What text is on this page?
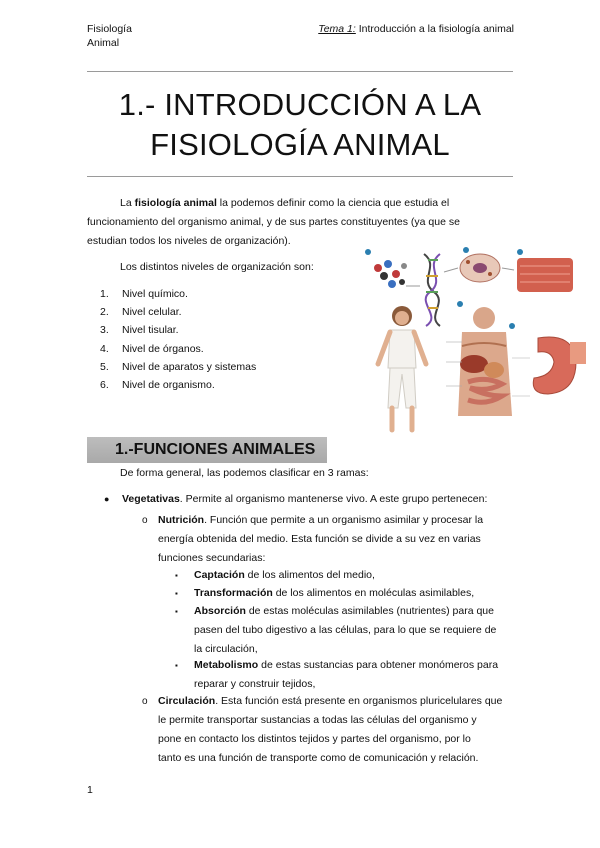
Fisiología
Animal
Tema 1: Introducción a la fisiología animal
1.- INTRODUCCIÓN A LA
FISIOLOGÍA ANIMAL
La fisiología animal la podemos definir como la ciencia que estudia el
funcionamiento del organismo animal, y de sus partes constituyentes (ya que se
estudian todos los niveles de organización).
Los distintos niveles de organización son:
1. Nivel químico.
2. Nivel celular.
3. Nivel tisular.
4. Nivel de órganos.
5. Nivel de aparatos y sistemas
6. Nivel de organismo.
1.-FUNCIONES ANIMALES
De forma general, las podemos clasificar en 3 ramas:
● Vegetativas. Permite al organismo mantenerse vivo. A este grupo pertenecen:
o Nutrición. Función que permite a un organismo asimilar y procesar la
energía obtenida del medio. Esta función se divide a su vez en varias
funciones secundarias:
▪ Captación de los alimentos del medio,
▪ Transformación de los alimentos en moléculas asimilables,
▪ Absorción de estas moléculas asimilables (nutrientes) para que
pasen del tubo digestivo a las células, para lo que se requiere de
la circulación,
▪ Metabolismo de estas sustancias para obtener monómeros para
reparar y construir tejidos,
o Circulación. Esta función está presente en organismos pluricelulares que
le permite transportar sustancias a todas las células del organismo y
pone en contacto los distintos tejidos y partes del organismo, por lo
tanto es una función de transporte como de comunicación y relación.
1
